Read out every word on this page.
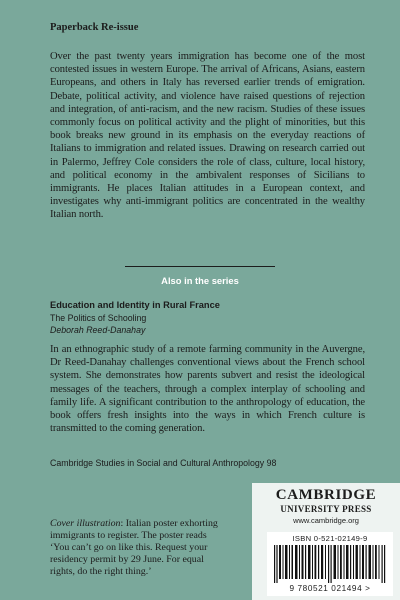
Paperback Re-issue
Over the past twenty years immigration has become one of the most contested issues in western Europe. The arrival of Africans, Asians, eastern Europeans, and others in Italy has reversed earlier trends of emigration. Debate, political activity, and violence have raised questions of rejection and integration, of anti-racism, and the new racism. Studies of these issues commonly focus on political activity and the plight of minorities, but this book breaks new ground in its emphasis on the everyday reactions of Italians to immigration and related issues. Drawing on research carried out in Palermo, Jeffrey Cole considers the role of class, culture, local history, and political economy in the ambivalent responses of Sicilians to immigrants. He places Italian attitudes in a European context, and investigates why anti-immigrant politics are concentrated in the wealthy Italian north.
Also in the series
Education and Identity in Rural France
The Politics of Schooling
Deborah Reed-Danahay
In an ethnographic study of a remote farming community in the Auvergne, Dr Reed-Danahay challenges conventional views about the French school system. She demonstrates how parents subvert and resist the ideological messages of the teachers, through a complex interplay of schooling and family life. A significant contribution to the anthropology of education, the book offers fresh insights into the ways in which French culture is transmitted to the coming generation.
Cambridge Studies in Social and Cultural Anthropology 98
Cover illustration: Italian poster exhorting immigrants to register. The poster reads ‘You can’t go on like this. Request your residency permit by 29 June. For equal rights, do the right thing.’
CAMBRIDGE
UNIVERSITY PRESS
www.cambridge.org
ISBN 0-521-02149-9
9 780521 021494 >
